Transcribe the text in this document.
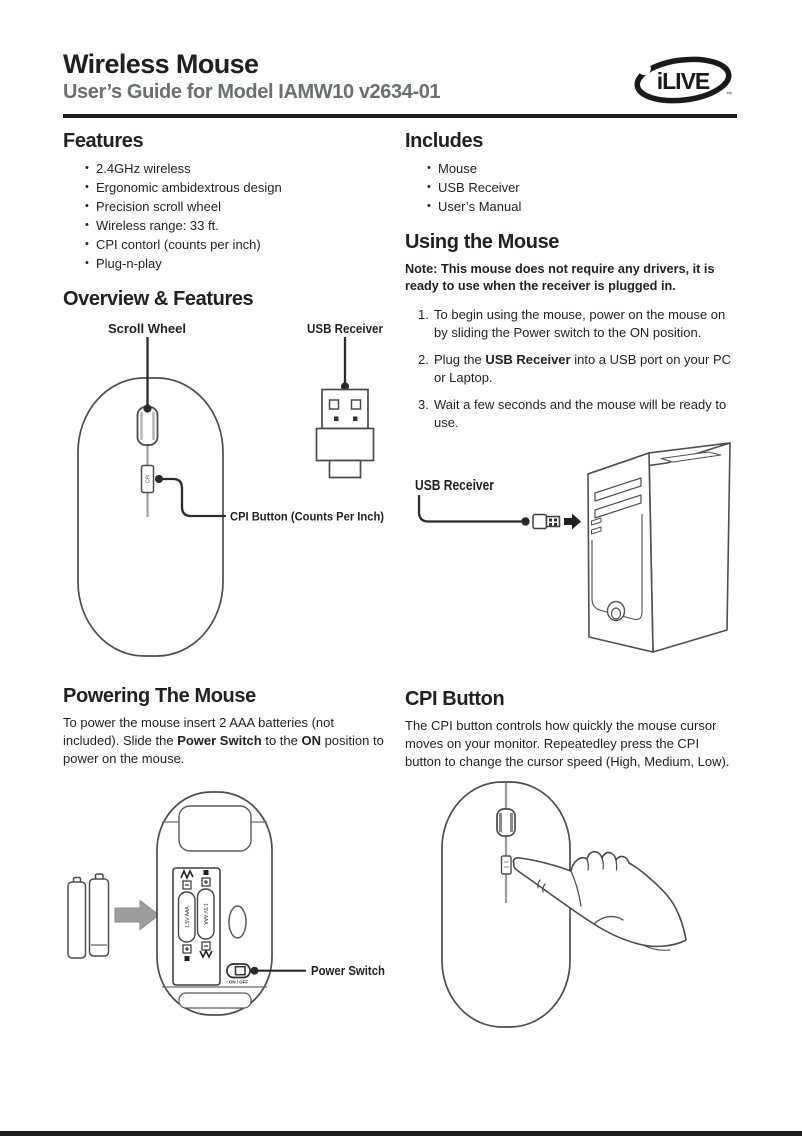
Wireless Mouse
User’s Guide for Model IAMW10 v2634-01	iLIVE
™
Features
• 2.4GHz wireless
• Ergonomic ambidextrous design
• Precision scroll wheel
• Wireless range: 33 ft.
• CPI contorl (counts per inch)
• Plug-n-play
Overview & Features
CPI
Scroll Wheel	USB Receiver
CPI Button (Counts Per Inch)
Powering The Mouse

To power the mouse insert 2 AAA batteries (not included). Slide the Power Switch to the ON position to power on the mouse.

1.5V AAA 1.5V AAA
ON / OFF
Power Switch
Includes
• Mouse
• USB Receiver
• User’s Manual
Using the Mouse

Note: This mouse does not require any drivers, it is ready to use when the receiver is plugged in.

1. To begin using the mouse, power on the mouse on by sliding the Power switch to the ON position.
2. Plug the USB Receiver into a USB port on your PC or Laptop.
3. Wait a few seconds and the mouse will be ready to use.
USB Receiver
CPI Button

The CPI button controls how quickly the mouse cursor moves on your monitor. Repeatedley press the CPI button to change the cursor speed (High, Medium, Low).
